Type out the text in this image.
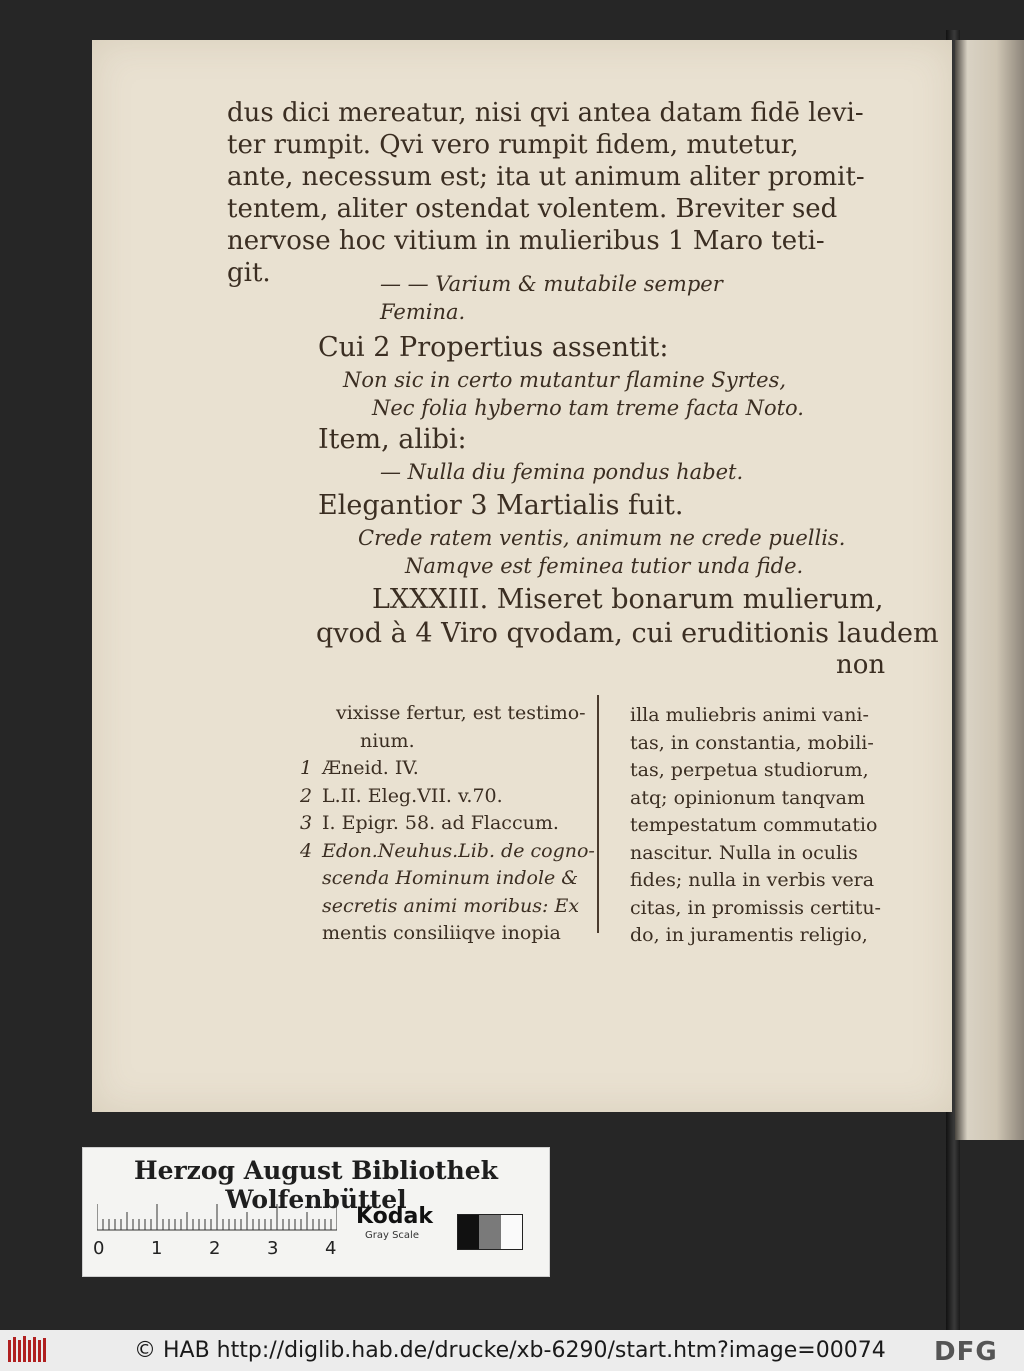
dus dici mereatur, nisi qvi antea datam fidē levi-
ter rumpit. Qvi vero rumpit fidem, mutetur,
ante, necessum est; ita ut animum aliter promit-
tentem, aliter ostendat volentem. Breviter sed
nervose hoc vitium in mulieribus 1 Maro teti-
git.	— — Varium & mutabile semper
Femina.
Cui 2 Propertius assentit:
Non sic in certo mutantur flamine Syrtes,
Nec folia hyberno tam treme facta Noto.
Item, alibi:
— Nulla diu femina pondus habet.
Elegantior 3 Martialis fuit.
Crede ratem ventis, animum ne crede puellis.
Namqve est feminea tutior unda fide.
LXXXIII. Miseret bonarum mulierum,
qvod à 4 Viro qvodam, cui eruditionis laudem
non
vixisse fertur, est testimo-
nium.
1 Æneid. IV.
2 L.II. Eleg.VII. v.70.
3 I. Epigr. 58. ad Flaccum.
4 Edon.Neuhus.Lib. de cogno-
scenda Hominum indole &
secretis animi moribus: Ex
mentis consiliiqve inopia
illa muliebris animi vani-
tas, in constantia, mobili-
tas, perpetua studiorum,
atq; opinionum tanqvam
tempestatum commutatio
nascitur. Nulla in oculis
fides; nulla in verbis vera
citas, in promissis certitu-
do, in juramentis religio,
Herzog August Bibliothek Wolfenbüttel
0	1	2	3	4
Kodak
Gray Scale
© HAB http://diglib.hab.de/drucke/xb-6290/start.htm?image=00074 DFG
